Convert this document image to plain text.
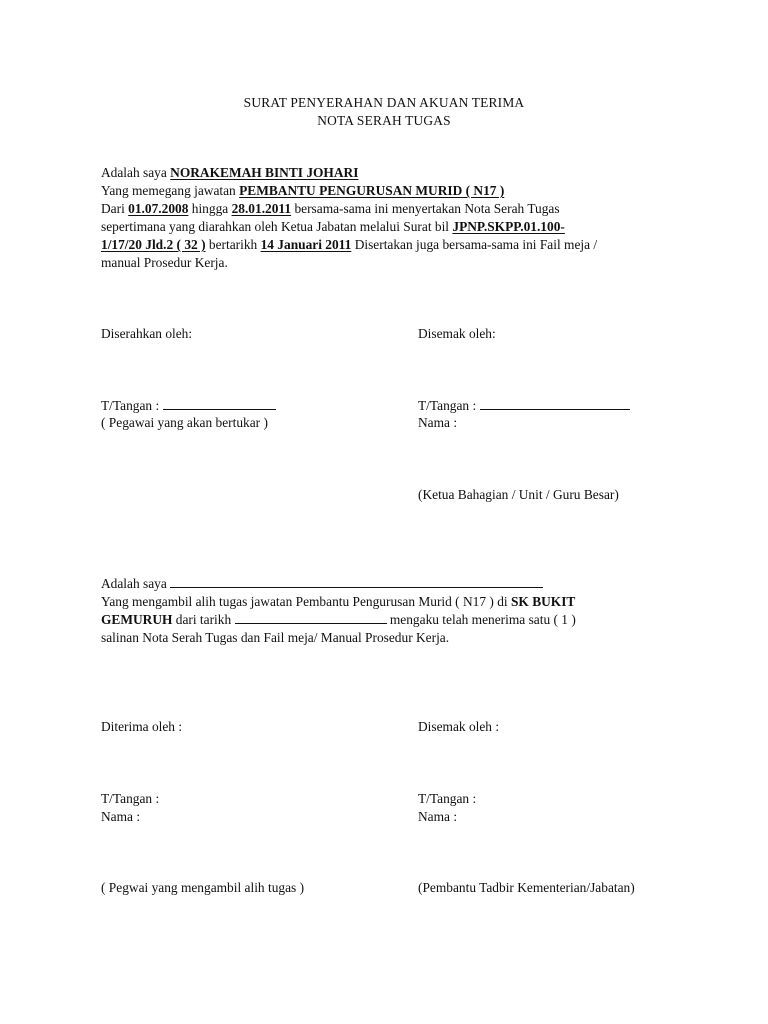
SURAT PENYERAHAN DAN AKUAN TERIMA
NOTA SERAH TUGAS
Adalah saya NORAKEMAH BINTI JOHARI
Yang memegang jawatan PEMBANTU PENGURUSAN MURID ( N17 )
Dari 01.07.2008 hingga 28.01.2011 bersama-sama ini menyertakan Nota Serah Tugas
sepertimana yang diarahkan oleh Ketua Jabatan melalui Surat bil JPNP.SKPP.01.100-
1/17/20 Jld.2 ( 32 ) bertarikh 14 Januari 2011 Disertakan juga bersama-sama ini Fail meja /
manual Prosedur Kerja.
Diserahkan oleh:	Disemak oleh:
T/Tangan :	T/Tangan :
( Pegawai yang akan bertukar )	Nama :
(Ketua Bahagian / Unit / Guru Besar)
Adalah saya
Yang mengambil alih tugas jawatan Pembantu Pengurusan Murid ( N17 ) di SK BUKIT
GEMURUH dari tarikh	mengaku telah menerima satu ( 1 )
salinan Nota Serah Tugas dan Fail meja/ Manual Prosedur Kerja.
Diterima oleh :	Disemak oleh :
T/Tangan :	T/Tangan :
Nama :	Nama :
( Pegwai yang mengambil alih tugas )	(Pembantu Tadbir Kementerian/Jabatan)
